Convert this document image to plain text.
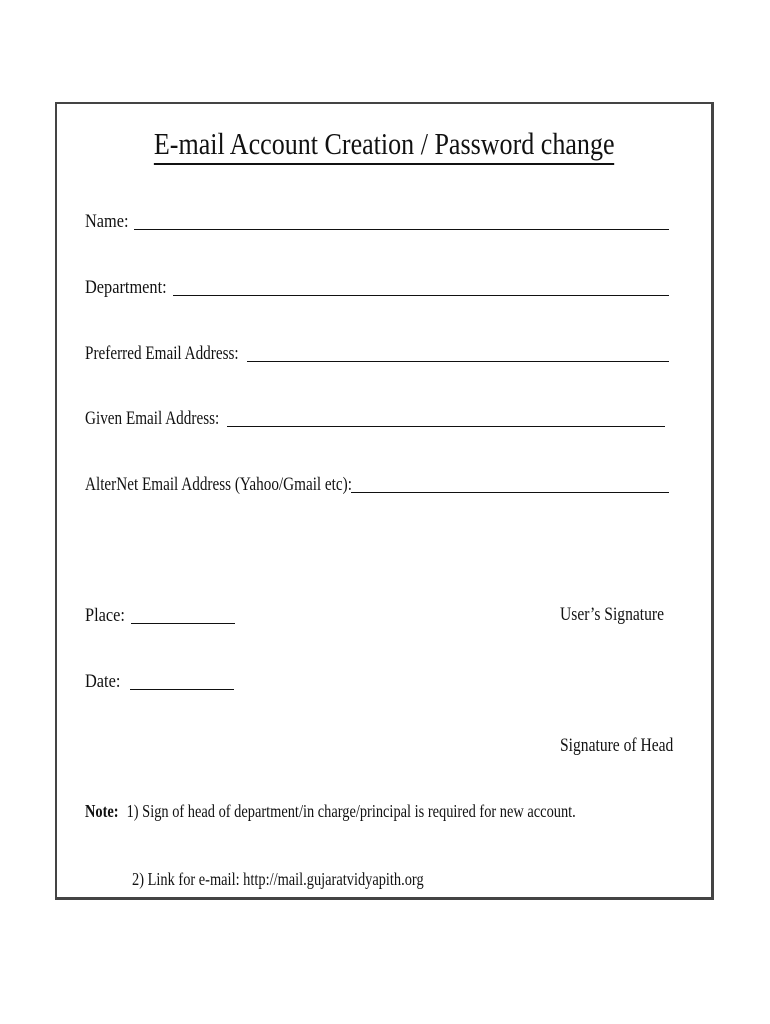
E-mail Account Creation / Password change
Name:
Department:
Preferred Email Address:
Given Email Address:
AlterNet Email Address (Yahoo/Gmail etc):
Place:	User’s Signature
Date:
Signature of Head
Note: 1) Sign of head of department/in charge/principal is required for new account.
2) Link for e-mail: http://mail.gujaratvidyapith.org
